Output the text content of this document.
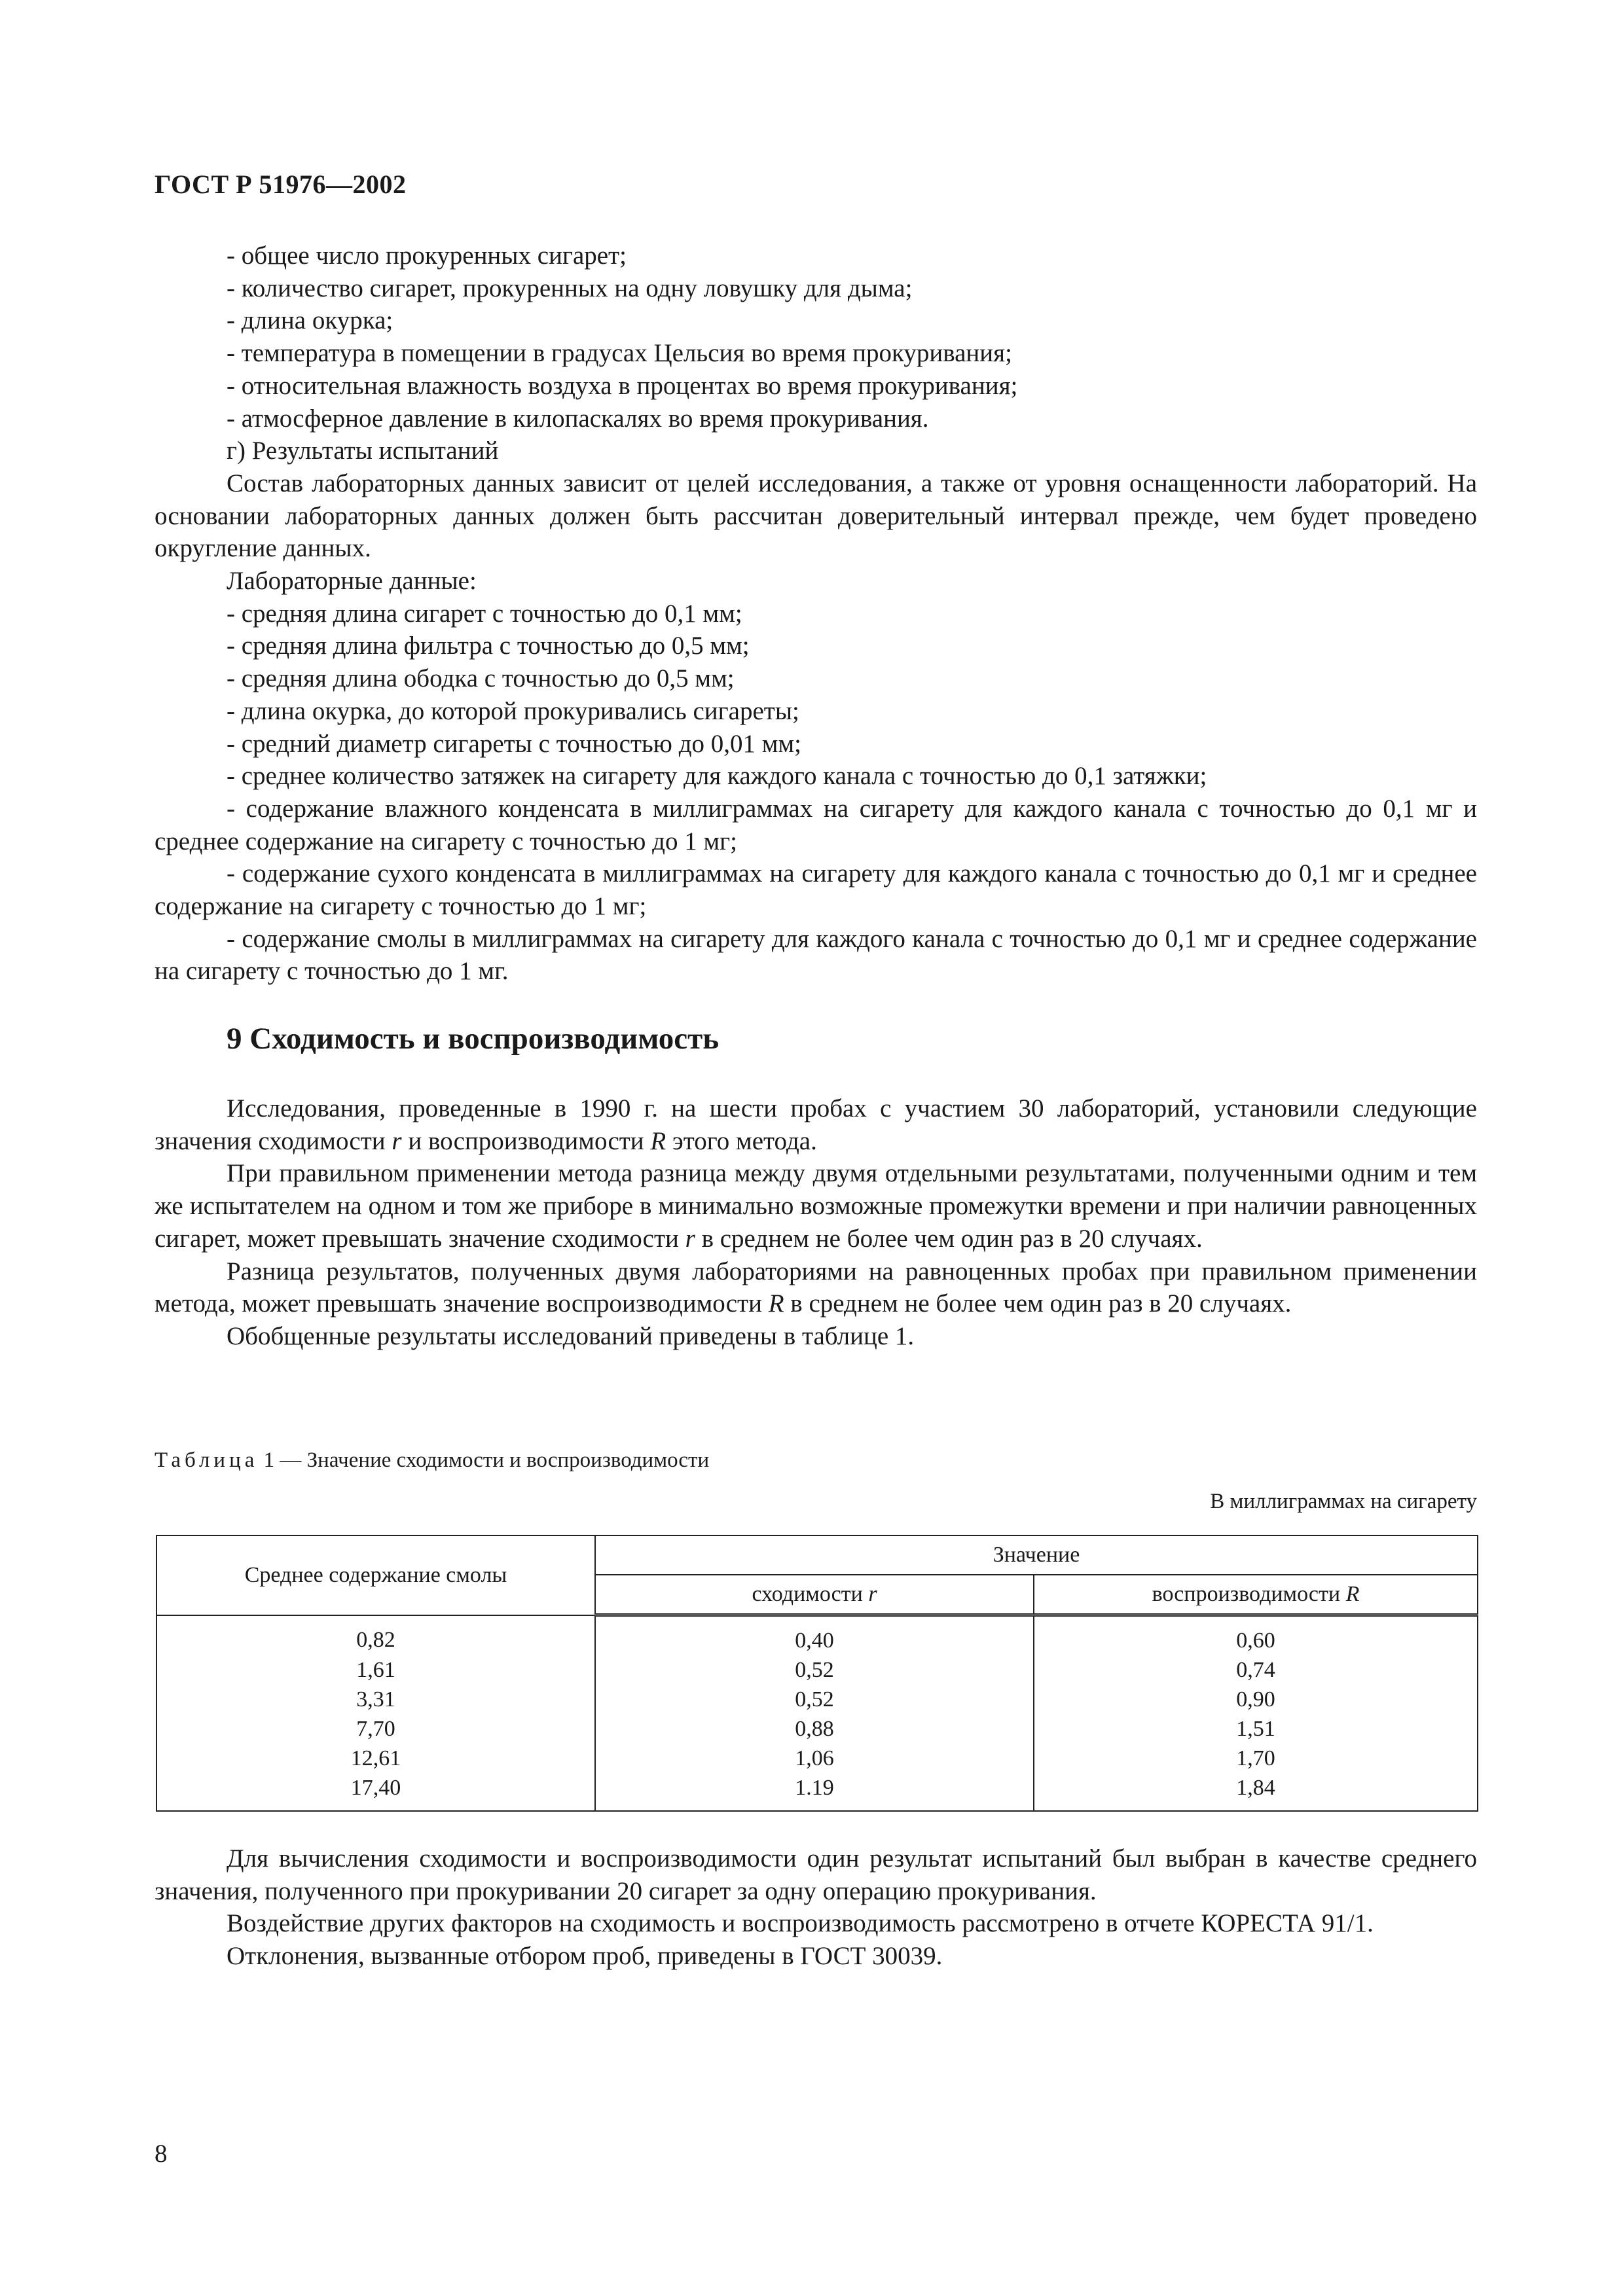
ГОСТ Р 51976—2002

- общее число прокуренных сигарет;

- количество сигарет, прокуренных на одну ловушку для дыма;

- длина окурка;

- температура в помещении в градусах Цельсия во время прокуривания;

- относительная влажность воздуха в процентах во время прокуривания;

- атмосферное давление в килопаскалях во время прокуривания.

г) Результаты испытаний

Состав лабораторных данных зависит от целей исследования, а также от уровня оснащенности лабораторий. На основании лабораторных данных должен быть рассчитан доверительный интервал прежде, чем будет проведено округление данных.

Лабораторные данные:

- средняя длина сигарет с точностью до 0,1 мм;

- средняя длина фильтра с точностью до 0,5 мм;

- средняя длина ободка с точностью до 0,5 мм;

- длина окурка, до которой прокуривались сигареты;

- средний диаметр сигареты с точностью до 0,01 мм;

- среднее количество затяжек на сигарету для каждого канала с точностью до 0,1 затяжки;

- содержание влажного конденсата в миллиграммах на сигарету для каждого канала с точностью до 0,1 мг и среднее содержание на сигарету с точностью до 1 мг;

- содержание сухого конденсата в миллиграммах на сигарету для каждого канала с точностью до 0,1 мг и среднее содержание на сигарету с точностью до 1 мг;

- содержание смолы в миллиграммах на сигарету для каждого канала с точностью до 0,1 мг и среднее содержание на сигарету с точностью до 1 мг.

9 Сходимость и воспроизводимость

Исследования, проведенные в 1990 г. на шести пробах с участием 30 лабораторий, установили следующие значения сходимости r и воспроизводимости R этого метода.

При правильном применении метода разница между двумя отдельными результатами, полученными одним и тем же испытателем на одном и том же приборе в минимально возможные промежутки времени и при наличии равноценных сигарет, может превышать значение сходимости r в среднем не более чем один раз в 20 случаях.

Разница результатов, полученных двумя лабораториями на равноценных пробах при правильном применении метода, может превышать значение воспроизводимости R в среднем не более чем один раз в 20 случаях.

Обобщенные результаты исследований приведены в таблице 1.

Таблица 1 — Значение сходимости и воспроизводимости
В миллиграммах на сигарету
Среднее содержание смолы	Значение	
	сходимости r	воспроизводимости R
0,82	0,40	0,60
1,61	0,52	0,74
3,31	0,52	0,90
7,70	0,88	1,51
12,61	1,06	1,70
17,40	1.19	1,84

Для вычисления сходимости и воспроизводимости один результат испытаний был выбран в качестве среднего значения, полученного при прокуривании 20 сигарет за одну операцию прокуривания.

Воздействие других факторов на сходимость и воспроизводимость рассмотрено в отчете КОРЕСТА 91/1.

Отклонения, вызванные отбором проб, приведены в ГОСТ 30039.

8
